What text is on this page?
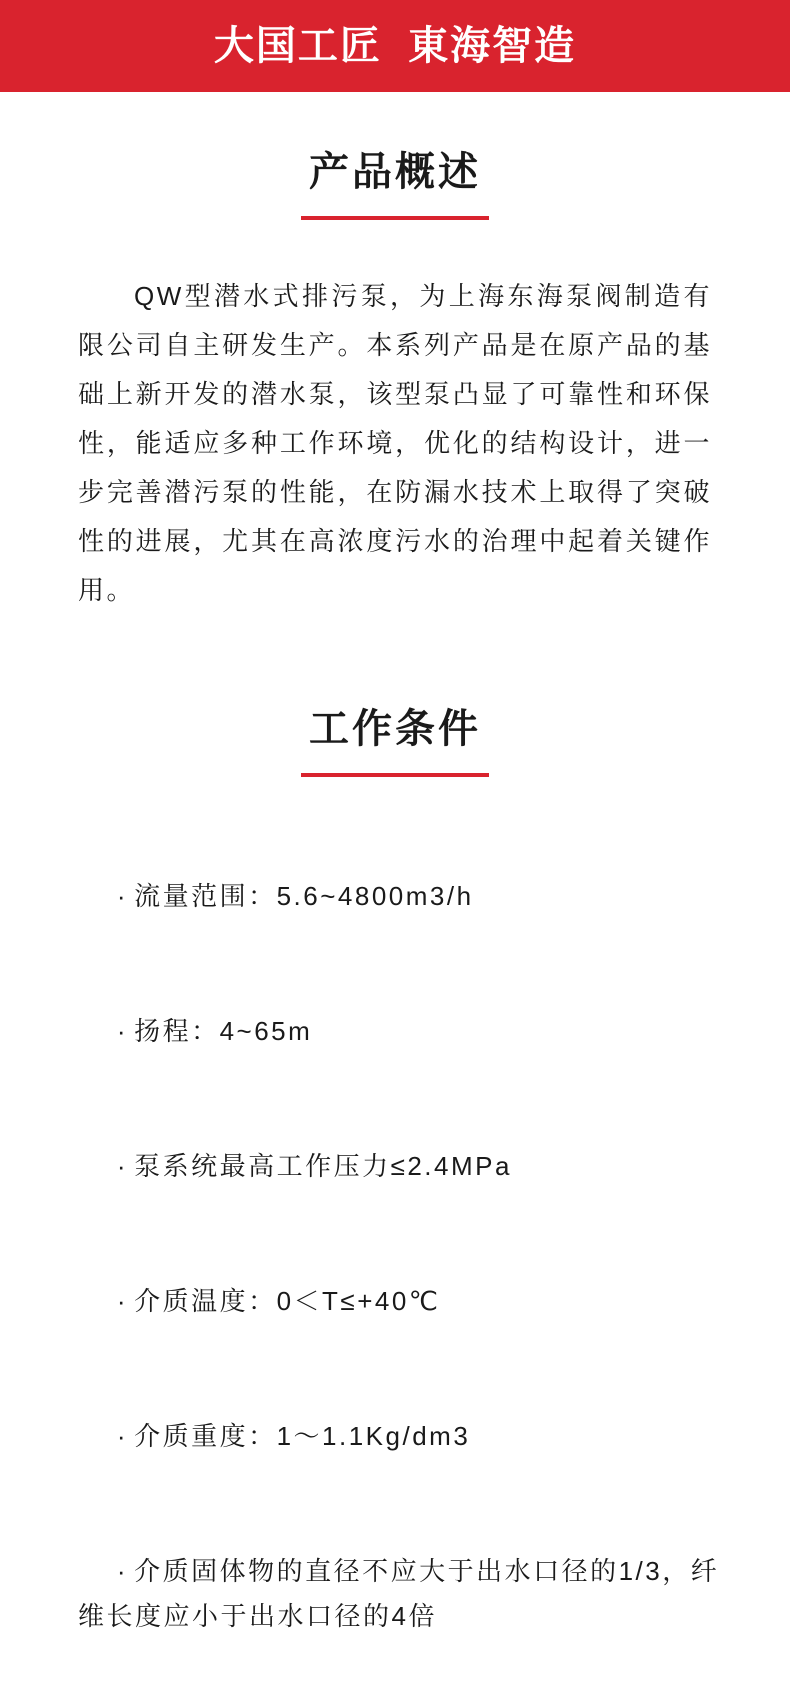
大国工匠  東海智造
产品概述

QW型潜水式排污泵，为上海东海泵阀制造有限公司自主研发生产。本系列产品是在原产品的基础上新开发的潜水泵，该型泵凸显了可靠性和环保性，能适应多种工作环境，优化的结构设计，进一步完善潜污泵的性能，在防漏水技术上取得了突破性的进展，尤其在高浓度污水的治理中起着关键作用。

工作条件

· 流量范围：5.6~4800m3/h

· 扬程：4~65m

· 泵系统最高工作压力≤2.4MPa

· 介质温度：0＜T≤+40℃

· 介质重度：1～1.1Kg/dm3

· 介质固体物的直径不应大于出水口径的1/3，纤维长度应小于出水口径的4倍
